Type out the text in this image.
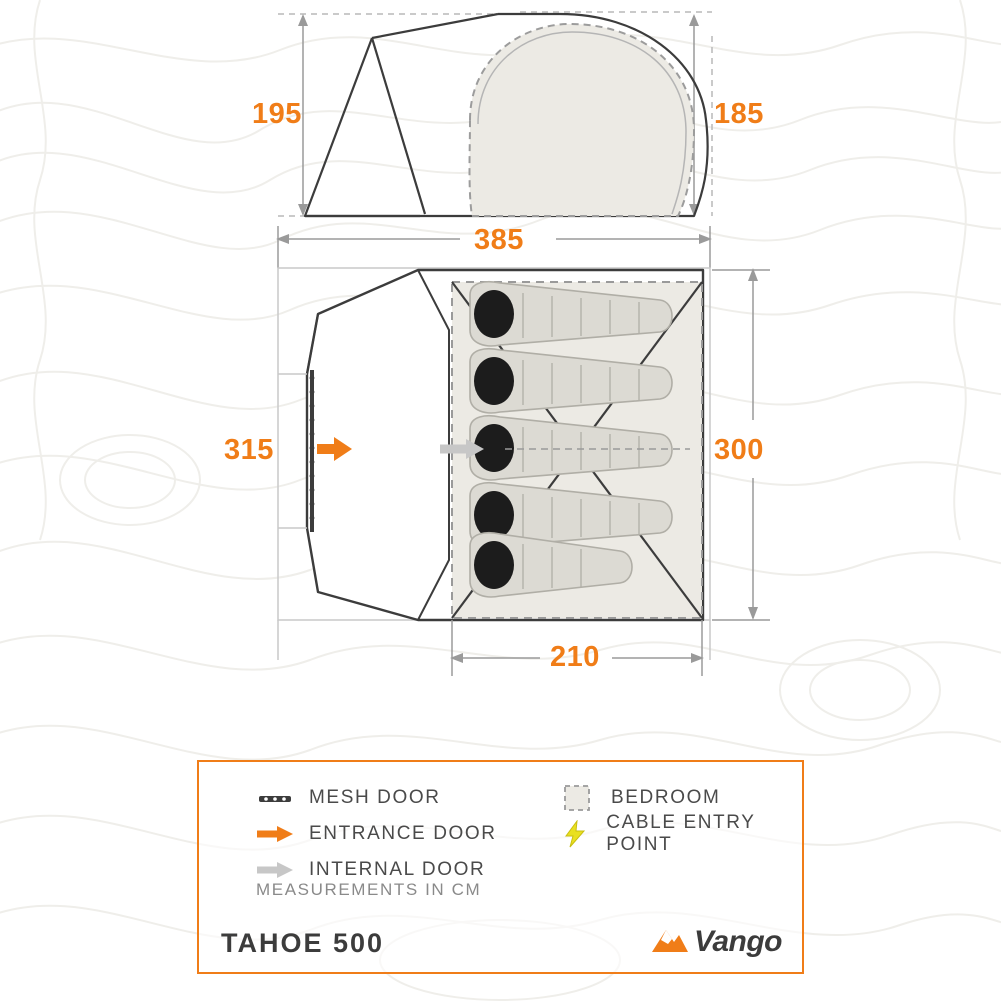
195	185
385
315	300
210
MESH DOOR
ENTRANCE DOOR
INTERNAL DOOR
BEDROOM
CABLE ENTRY POINT
MEASUREMENTS IN CM
TAHOE 500	Vango
